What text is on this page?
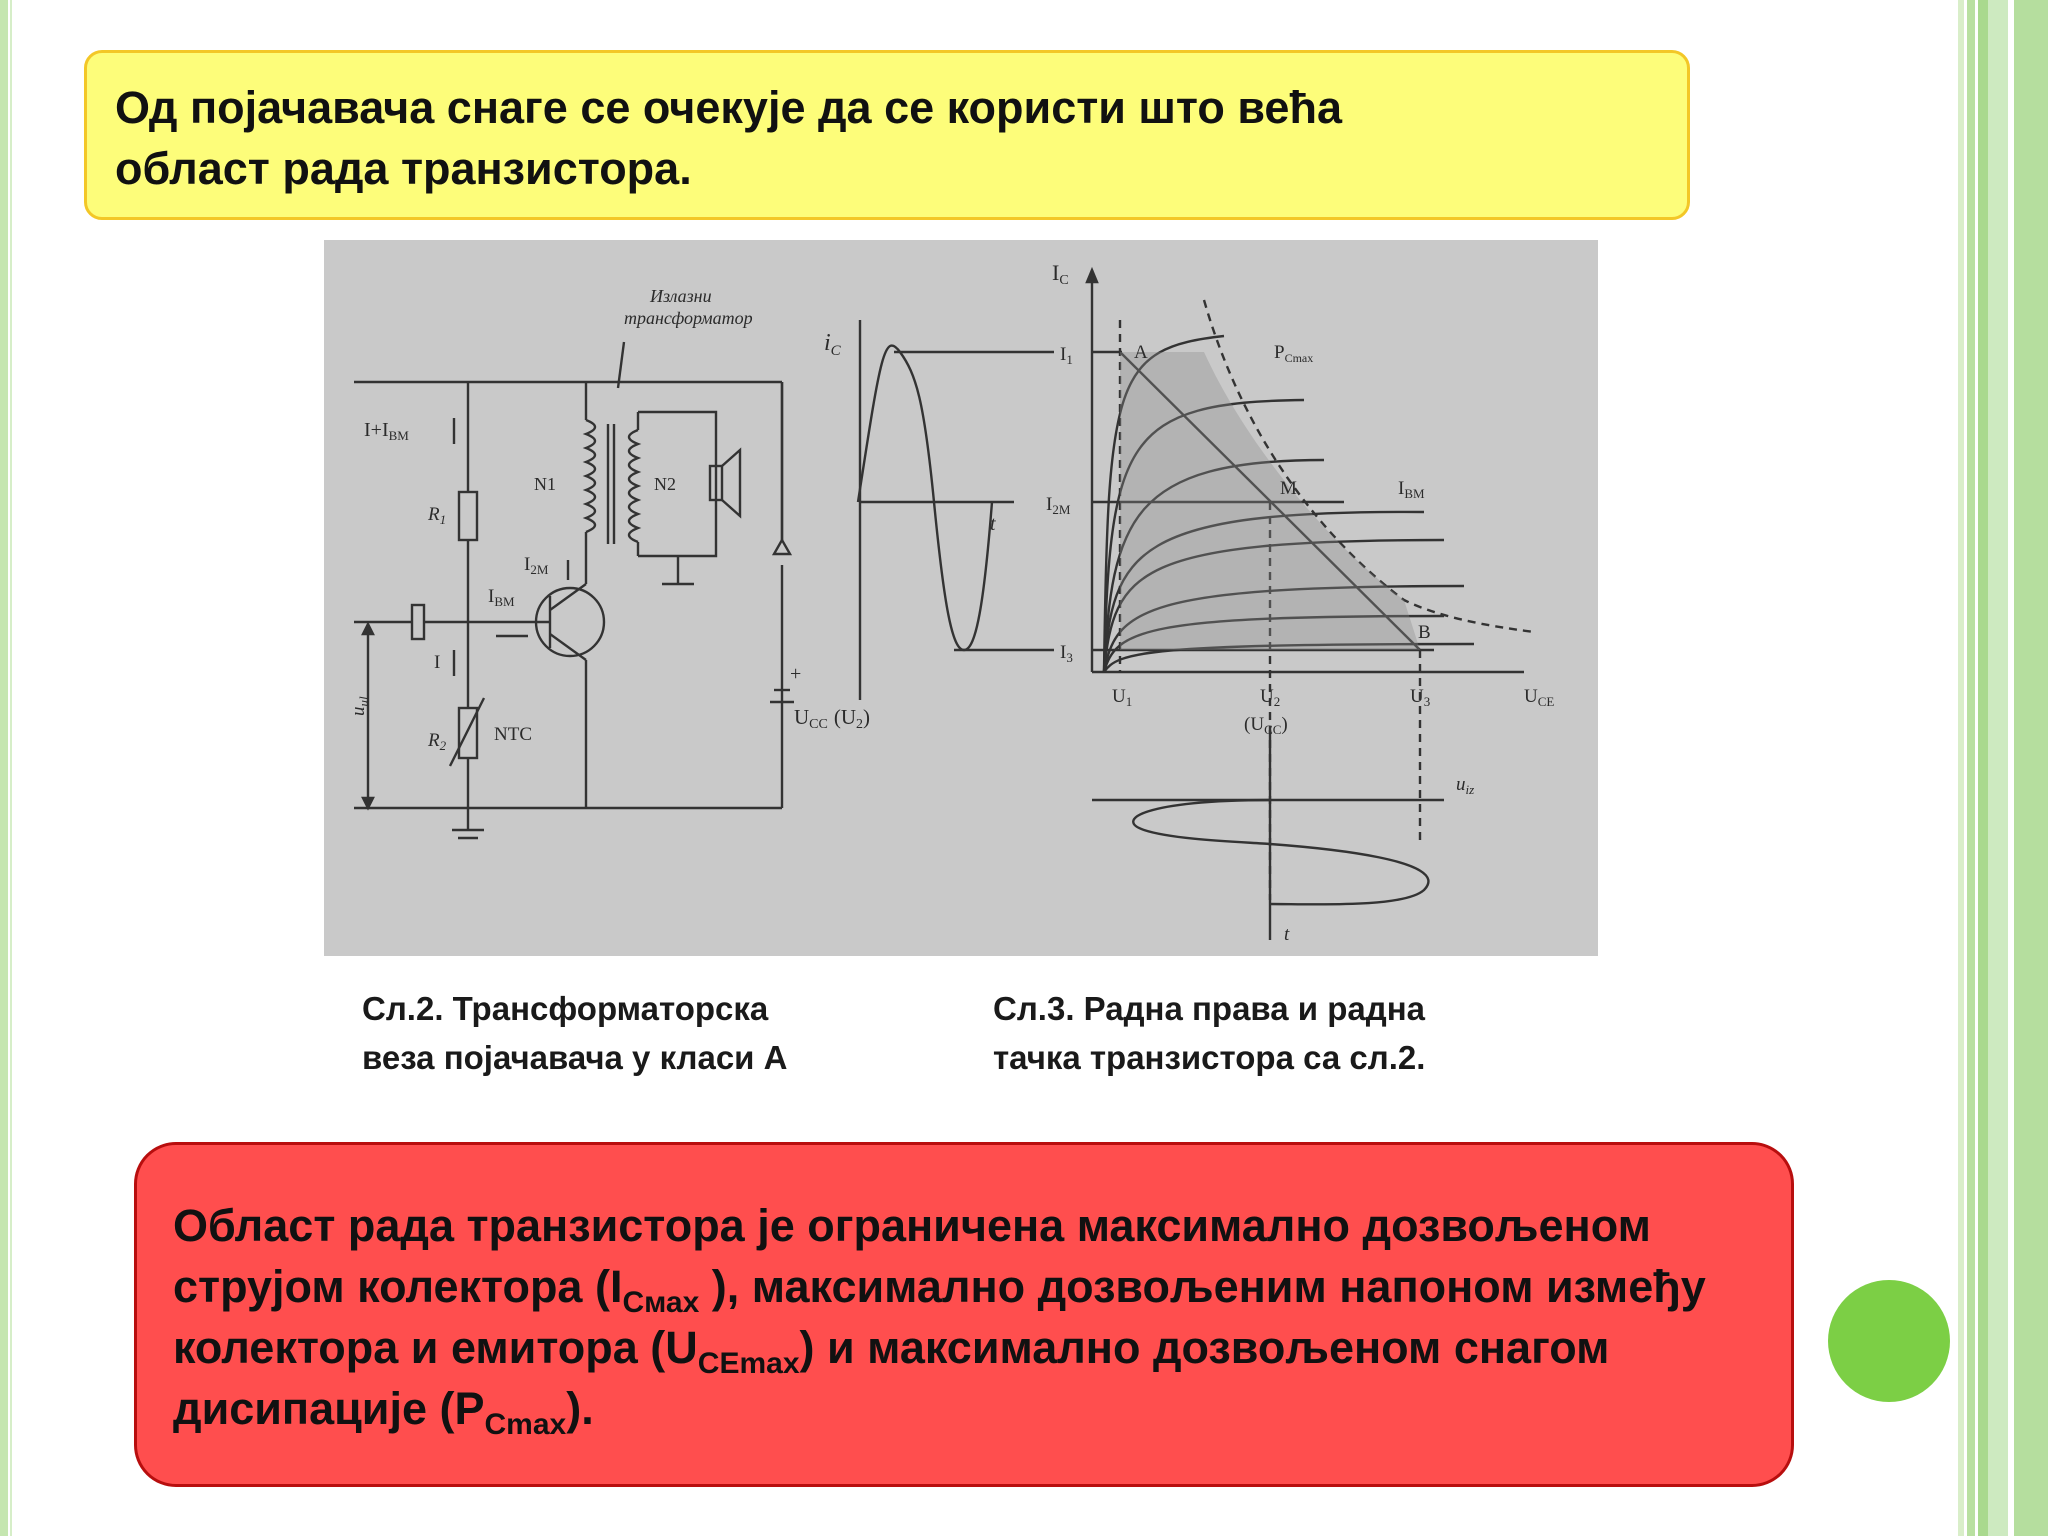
Од појачавача снаге се очекује да се користи што већа
област рада транзистора.

Излазни трансформатор
$I+I_{BM}$
$R_1$
$R_2$
NTC
N1	N2
$I_{2M}$
$I_{BM}$
I
$u_{ul}$
UCC (U2)
+
$i_C$
t
IC
$I_1$
$I_{2M}$
$I_3$
$P_{Cmax}$
A
M
B
$I_{BM}$
$U_1$	$U_2$
$(U_{CC})$
$U_3$	$U_{CE}$
$u_{iz}$
t
Сл.2. Трансформаторска
веза појачавача у класи А
Сл.3. Радна права и радна
тачка транзистора са сл.2.

Област рада транзистора је ограничена максимално дозвољеном струјом колектора ($I_{Cмах}$ ), максимално дозвољеним напоном између колектора и емитора $(U_{CEmax})$ и максимално дозвољеном снагом дисипације $(P_{Cmax})$.
